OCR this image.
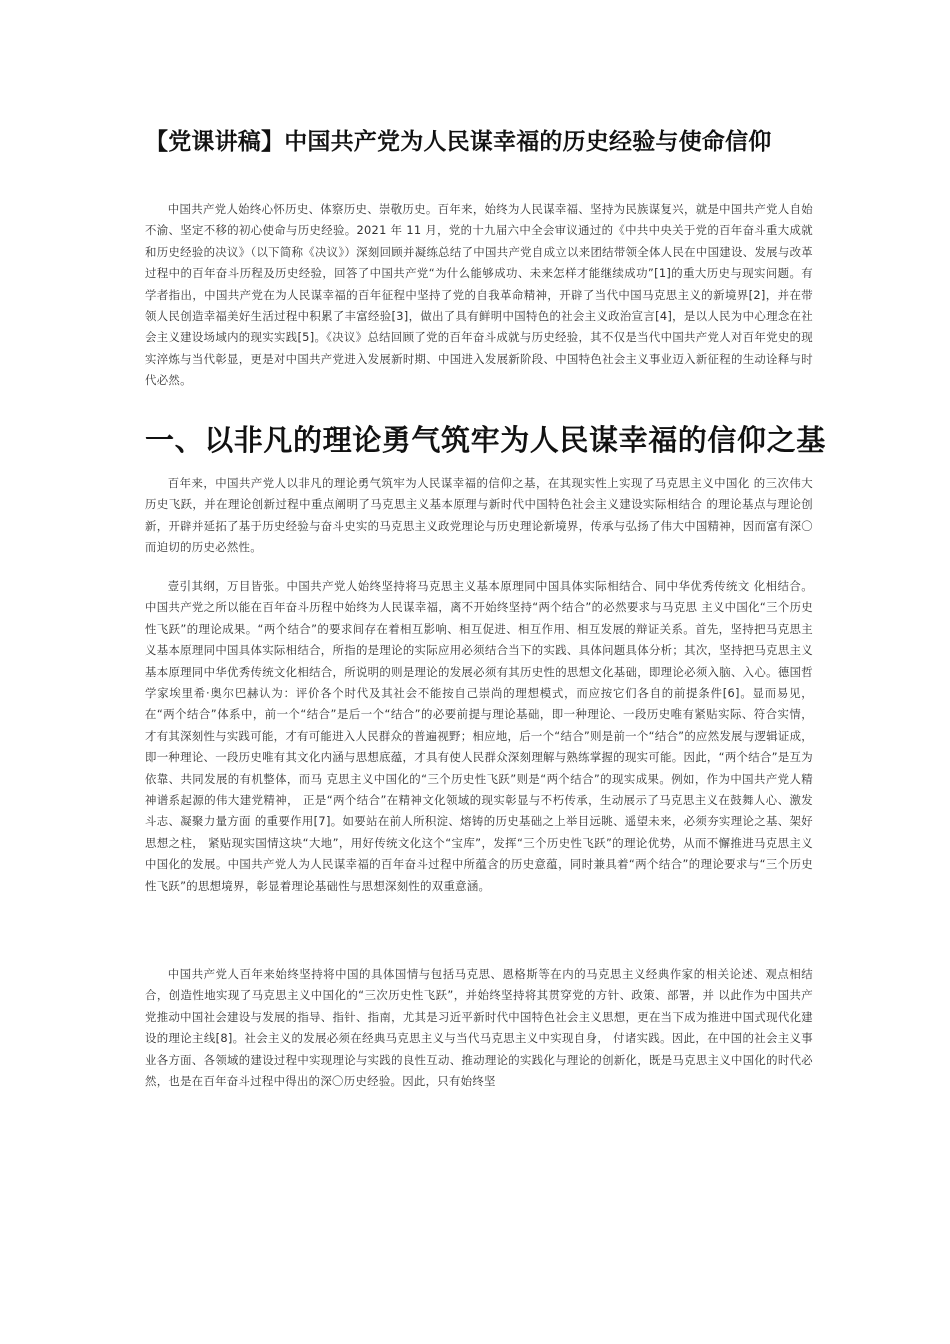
【党课讲稿】中国共产党为人民谋幸福的历史经验与使命信仰

中国共产党人始终心怀历史、体察历史、崇敬历史。百年来，始终为人民谋幸福、坚持为民族谋复兴，就是中国共产党人自始不渝、坚定不移的初心使命与历史经验。2021 年 11 月，党的十九届六中全会审议通过的《中共中央关于党的百年奋斗重大成就和历史经验的决议》（以下简称《决议》）深刻回顾并凝练总结了中国共产党自成立以来团结带领全体人民在中国建设、发展与改革过程中的百年奋斗历程及历史经验，回答了中国共产党“为什么能够成功、未来怎样才能继续成功”[1]的重大历史与现实问题。有学者指出，中国共产党在为人民谋幸福的百年征程中坚持了党的自我革命精神，开辟了当代中国马克思主义的新境界[2]，并在带领人民创造幸福美好生活过程中积累了丰富经验[3]，做出了具有鲜明中国特色的社会主义政治宣言[4]，是以人民为中心理念在社会主义建设场域内的现实实践[5]。《决议》总结回顾了党的百年奋斗成就与历史经验，其不仅是当代中国共产党人对百年党史的现实淬炼与当代彰显，更是对中国共产党进入发展新时期、中国进入发展新阶段、中国特色社会主义事业迈入新征程的生动诠释与时代必然。

一、以非凡的理论勇气筑牢为人民谋幸福的信仰之基

百年来，中国共产党人以非凡的理论勇气筑牢为人民谋幸福的信仰之基，在其现实性上实现了马克思主义中国化 的三次伟大历史飞跃，并在理论创新过程中重点阐明了马克思主义基本原理与新时代中国特色社会主义建设实际相结合 的理论基点与理论创新，开辟并延拓了基于历史经验与奋斗史实的马克思主义政党理论与历史理论新境界，传承与弘扬了伟大中国精神，因而富有深〇而迫切的历史必然性。

壹引其纲，万目皆张。中国共产党人始终坚持将马克思主义基本原理同中国具体实际相结合、同中华优秀传统文 化相结合。中国共产党之所以能在百年奋斗历程中始终为人民谋幸福，离不开始终坚持“两个结合”的必然要求与马克思 主义中国化“三个历史性飞跃”的理论成果。“两个结合”的要求间存在着相互影响、相互促进、相互作用、相互发展的辩证关系。首先，坚持把马克思主义基本原理同中国具体实际相结合，所指的是理论的实际应用必须结合当下的实践、具体问题具体分析；其次，坚持把马克思主义基本原理同中华优秀传统文化相结合，所说明的则是理论的发展必须有其历史性的思想文化基础，即理论必须入脑、入心。德国哲学家埃里希·奥尔巴赫认为：评价各个时代及其社会不能按自己崇尚的理想模式，而应按它们各自的前提条件[6]。显而易见，在“两个结合”体系中，前一个“结合”是后一个“结合”的必要前提与理论基础，即一种理论、一段历史唯有紧贴实际、符合实情，才有其深刻性与实践可能，才有可能进入人民群众的普遍视野；相应地，后一个“结合”则是前一个“结合”的应然发展与逻辑证成，即一种理论、一段历史唯有其文化内涵与思想底蕴，才具有使人民群众深刻理解与熟练掌握的现实可能。因此，“两个结合”是互为依靠、共同发展的有机整体，而马 克思主义中国化的“三个历史性飞跃”则是“两个结合”的现实成果。例如，作为中国共产党人精神谱系起源的伟大建党精神， 正是“两个结合”在精神文化领域的现实彰显与不朽传承，生动展示了马克思主义在鼓舞人心、激发斗志、凝聚力量方面 的重要作用[7]。如要站在前人所积淀、熔铸的历史基础之上举目远眺、遥望未来，必须夯实理论之基、架好思想之柱， 紧贴现实国情这块“大地”，用好传统文化这个“宝库”，发挥“三个历史性飞跃”的理论优势，从而不懈推进马克思主义中国化的发展。中国共产党人为人民谋幸福的百年奋斗过程中所蕴含的历史意蕴，同时兼具着“两个结合”的理论要求与“三个历史性飞跃”的思想境界，彰显着理论基础性与思想深刻性的双重意涵。

中国共产党人百年来始终坚持将中国的具体国情与包括马克思、恩格斯等在内的马克思主义经典作家的相关论述、观点相结合，创造性地实现了马克思主义中国化的“三次历史性飞跃”，并始终坚持将其贯穿党的方针、政策、部署，并 以此作为中国共产党推动中国社会建设与发展的指导、指针、指南，尤其是习近平新时代中国特色社会主义思想，更在当下成为推进中国式现代化建设的理论主线[8]。社会主义的发展必须在经典马克思主义与当代马克思主义中实现自身， 付诸实践。因此，在中国的社会主义事业各方面、各领域的建设过程中实现理论与实践的良性互动、推动理论的实践化与理论的创新化，既是马克思主义中国化的时代必然，也是在百年奋斗过程中得出的深〇历史经验。因此，只有始终坚
